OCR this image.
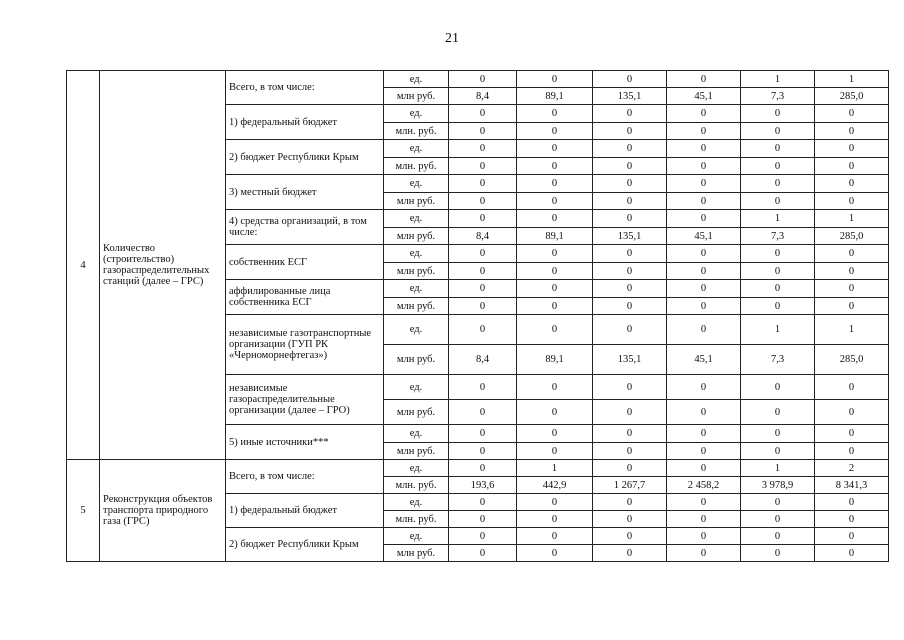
21
4	Количество (строительство) газораспределительных станций (далее – ГРС)	Всего, в том числе:	ед.	0	0	0	0	1	1
			млн руб.	8,4	89,1	135,1	45,1	7,3	285,0
		1) федеральный бюджет	ед.	0	0	0	0	0	0
			млн. руб.	0	0	0	0	0	0
		2) бюджет Республики Крым	ед.	0	0	0	0	0	0
			млн. руб.	0	0	0	0	0	0
		3) местный бюджет	ед.	0	0	0	0	0	0
			млн руб.	0	0	0	0	0	0
		4) средства организаций, в том числе:	ед.	0	0	0	0	1	1
			млн руб.	8,4	89,1	135,1	45,1	7,3	285,0
		собственник ЕСГ	ед.	0	0	0	0	0	0
			млн руб.	0	0	0	0	0	0
		аффилированные лица собственника ЕСГ	ед.	0	0	0	0	0	0
			млн руб.	0	0	0	0	0	0
		независимые газотранспортные организации (ГУП РК «Черноморнефтегаз»)	ед.	0	0	0	0	1	1
			млн руб.	8,4	89,1	135,1	45,1	7,3	285,0
		независимые газораспределительные организации (далее – ГРО)	ед.	0	0	0	0	0	0
			млн руб.	0	0	0	0	0	0
		5) иные источники***	ед.	0	0	0	0	0	0
			млн руб.	0	0	0	0	0	0
5	Реконструкция объектов транспорта природного газа (ГРС)	Всего, в том числе:	ед.	0	1	0	0	1	2
			млн. руб.	193,6	442,9	1 267,7	2 458,2	3 978,9	8 341,3
		1) федеральный бюджет	ед.	0	0	0	0	0	0
			млн. руб.	0	0	0	0	0	0
		2) бюджет Республики Крым	ед.	0	0	0	0	0	0
			млн руб.	0	0	0	0	0	0
